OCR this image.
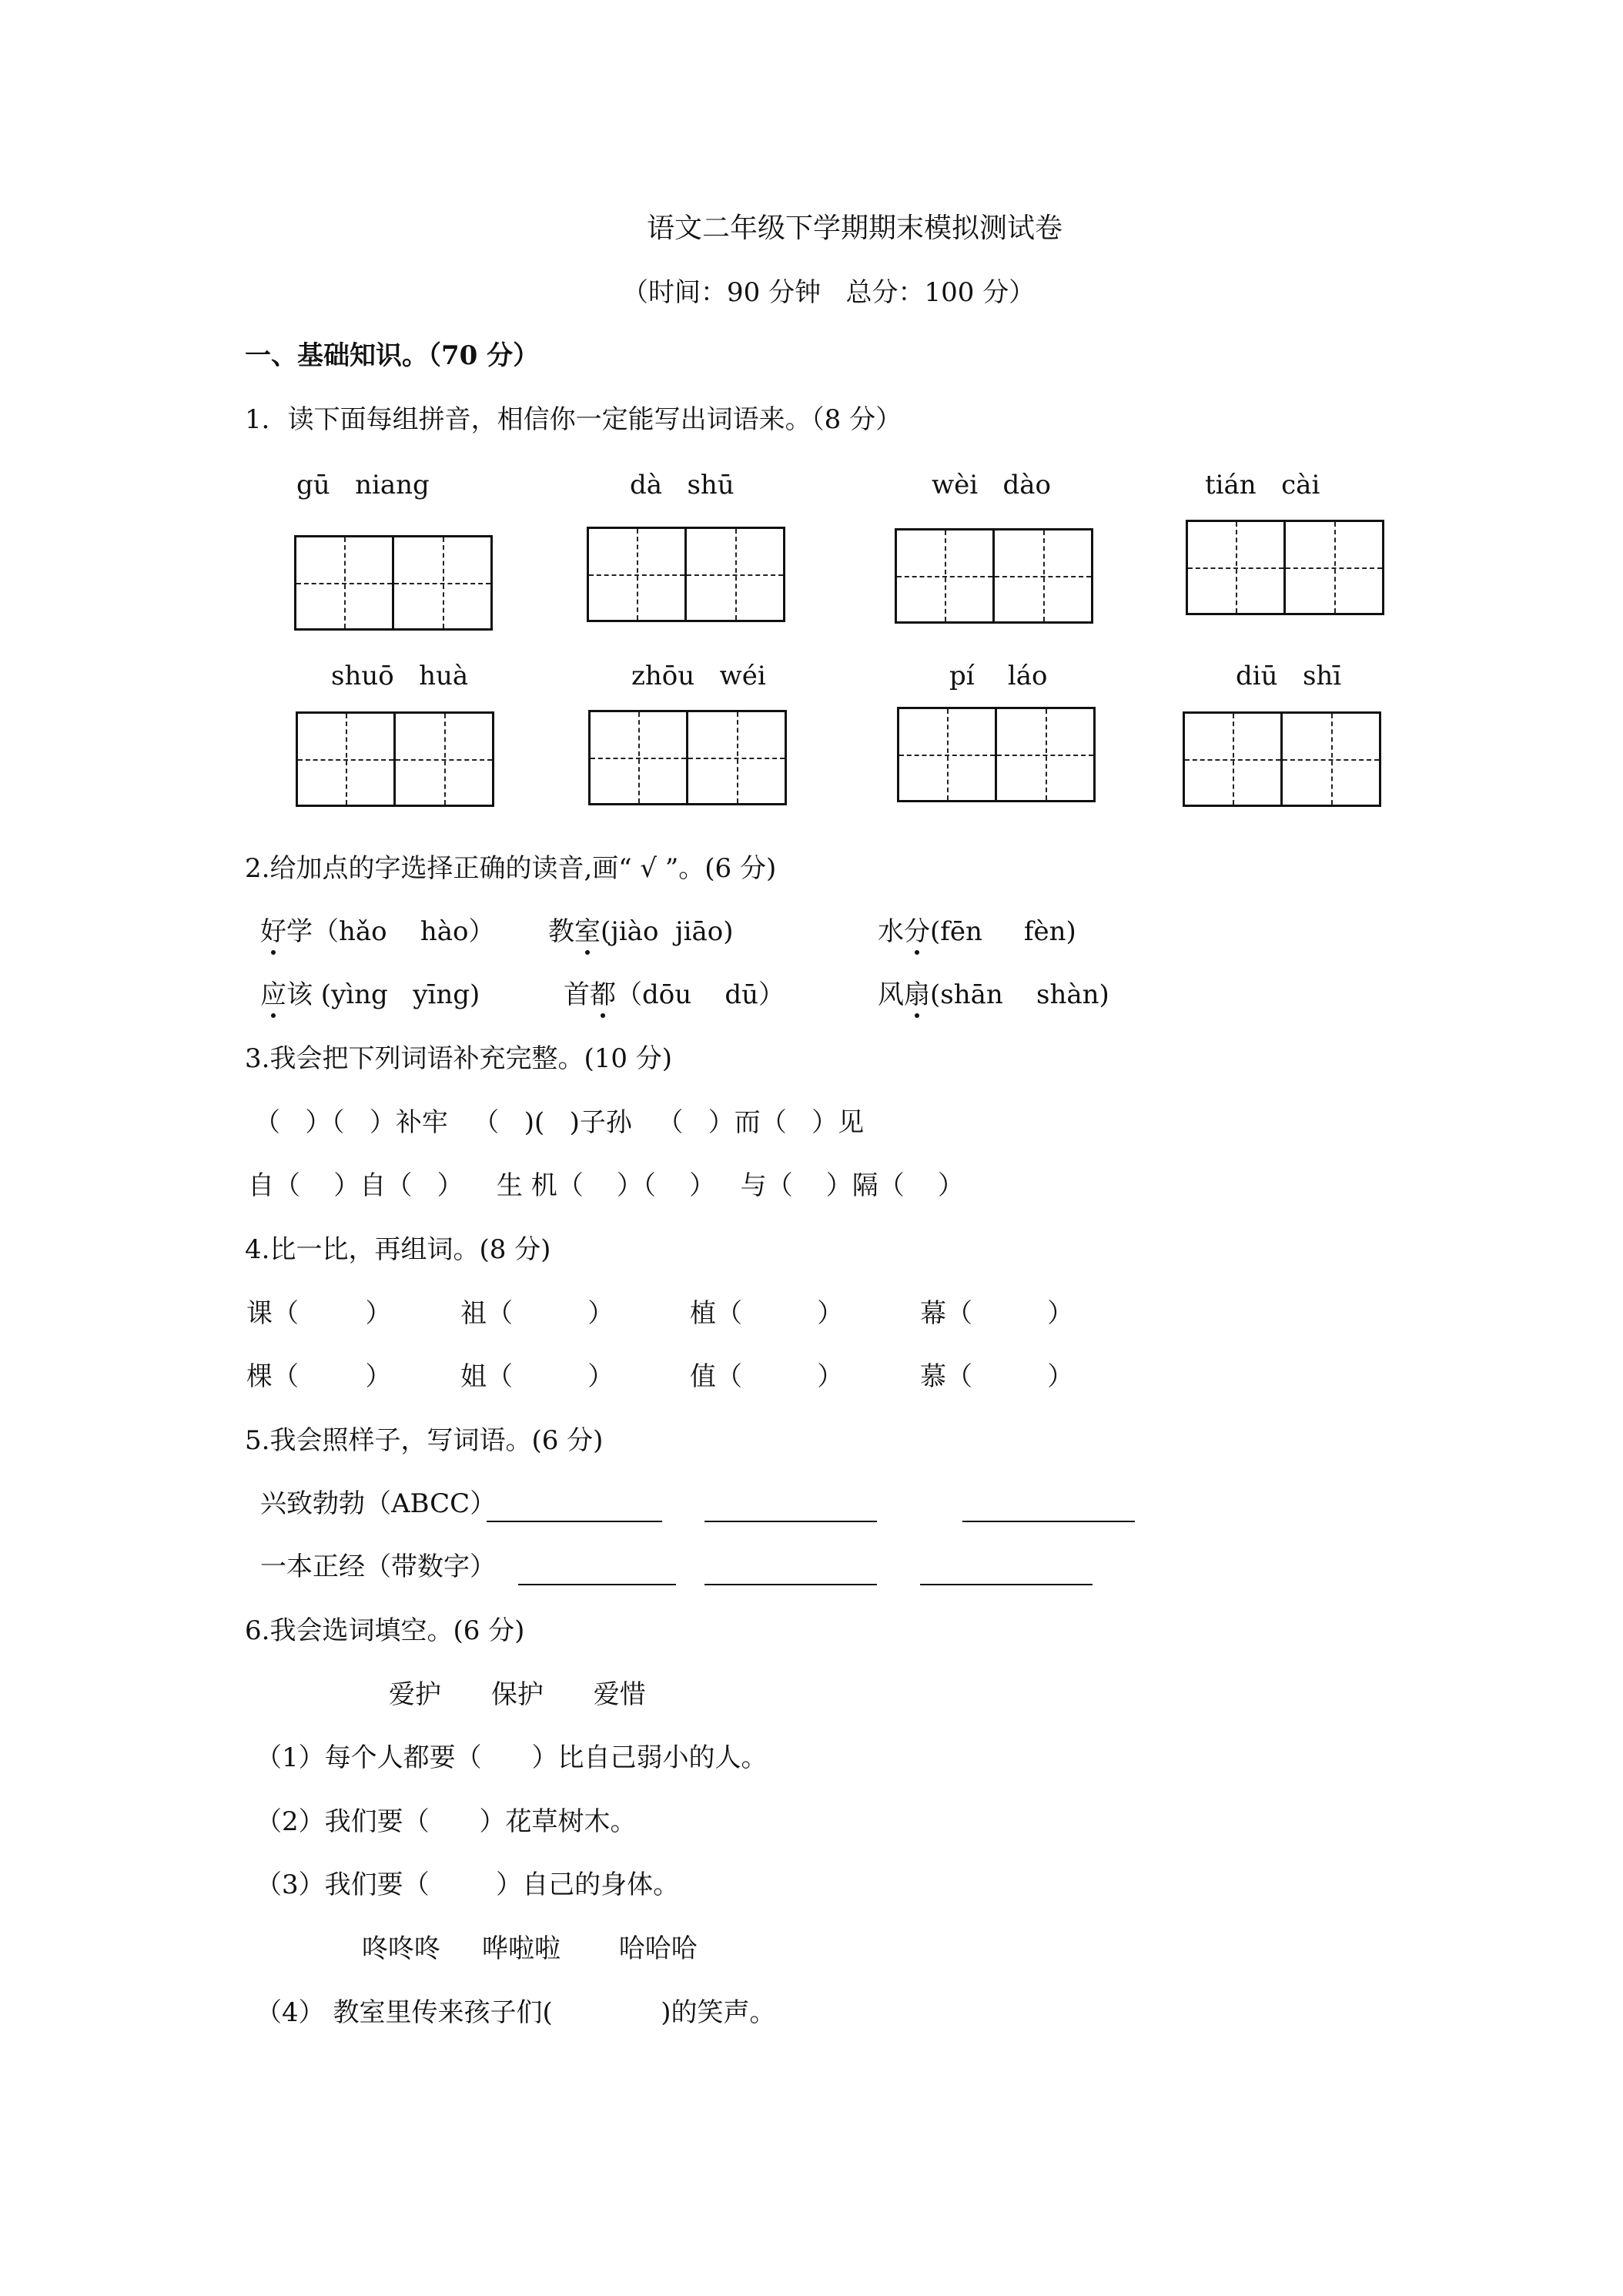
语文二年级下学期期末模拟测试卷
（时间：90 分钟   总分：100 分）
一、基础知识。（70 分）
1．读下面每组拼音，相信你一定能写出词语来。（8 分）
gū   niang	dà   shū	wèi   dào	tián   cài
shuō   huà	zhōu   wéi	pí    láo	diū   shī
2.给加点的字选择正确的读音,画“ √ ”。(6 分)
好学（hǎo    hào） 教室(jiào  jiāo)	水分(fēn     fèn)
应该 (yìng   yīng)	首都（dōu    dū）	风扇(shān    shàn)
3.我会把下列词语补充完整。(10 分)
（   ）（   ）补牢   （   )(   )子孙   （   ）而（   ）见
自（    ）自（   ）    生 机（    ）（    ）   与（    ）隔（    ）
4.比一比，再组词。(8 分)
课（        ）	祖（         ）	植（         ）	幕（         ）
棵（        ）	姐（         ）	值（         ）	慕（         ）
5.我会照样子，写词语。(6 分)
兴致勃勃（ABCC）
一本正经（带数字）
6.我会选词填空。(6 分)
爱护      保护      爱惜
（1）每个人都要（      ）比自己弱小的人。
（2）我们要（      ）花草树木。
（3）我们要（        ）自己的身体。
咚咚咚     哗啦啦       哈哈哈
（4） 教室里传来孩子们(             )的笑声。
